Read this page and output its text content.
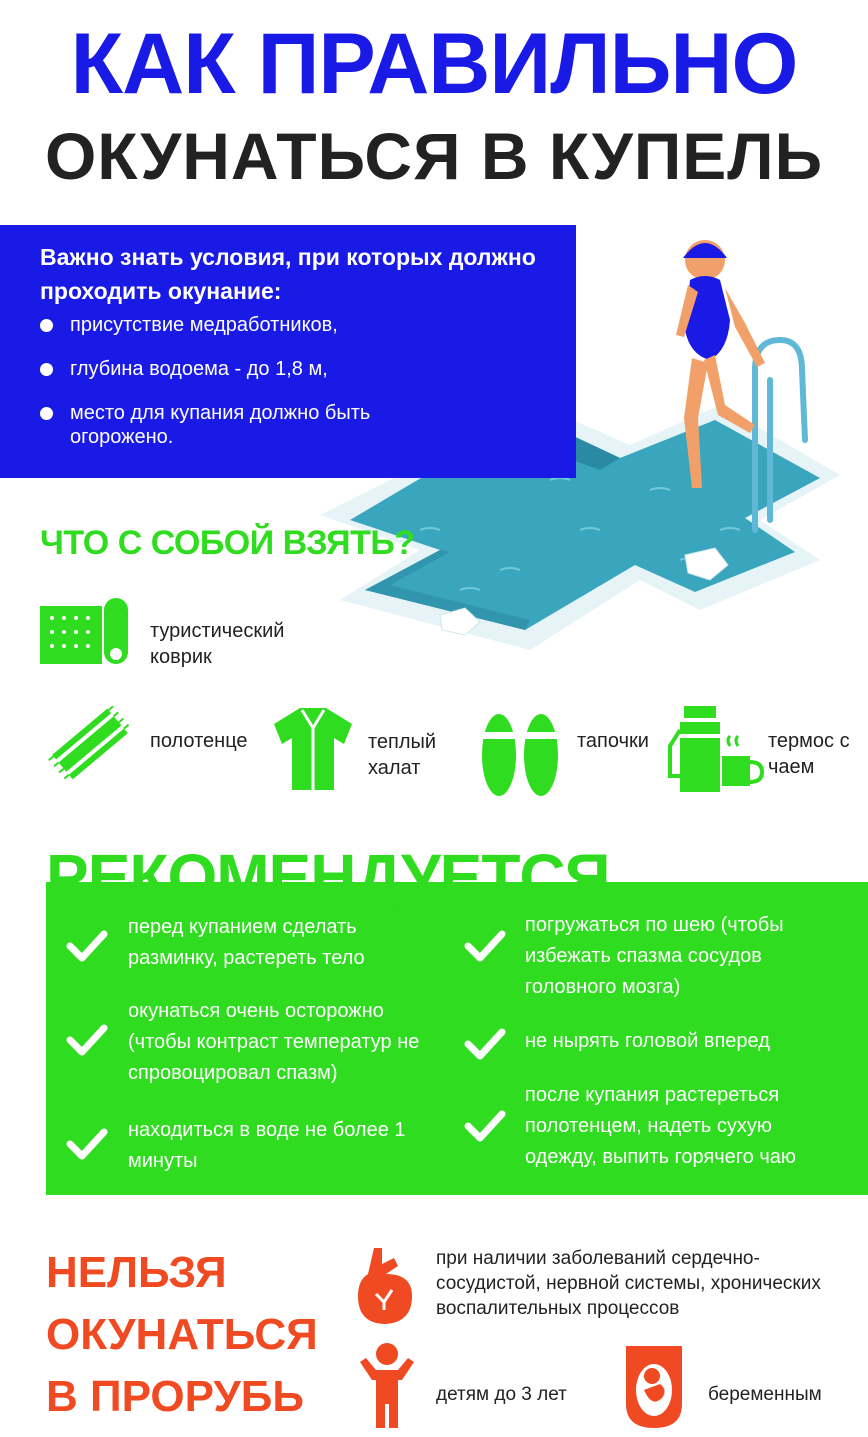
КАК ПРАВИЛЬНО
ОКУНАТЬСЯ В КУПЕЛЬ
Важно знать условия, при которых должно проходить окунание:
присутствие медработников,
глубина водоема - до 1,8 м,
место для купания должно быть огорожено.
ЧТО С СОБОЙ ВЗЯТЬ?
туристический коврик
полотенце	теплый халат
тапочки	термос с чаем
РЕКОМЕНДУЕТСЯ
перед купанием сделать разминку, растереть тело
окунаться очень осторожно (чтобы контраст температур не спровоцировал спазм)
находиться в воде не более 1 минуты
погружаться по шею (чтобы избежать спазма сосудов головного мозга)
не нырять головой вперед
после купания растереться полотенцем, надеть сухую одежду, выпить горячего чаю
НЕЛЬЗЯ
ОКУНАТЬСЯ
В ПРОРУБЬ
при наличии заболеваний сердечно-сосудистой, нервной системы, хронических воспалительных процессов
детям до 3 лет	беременным
